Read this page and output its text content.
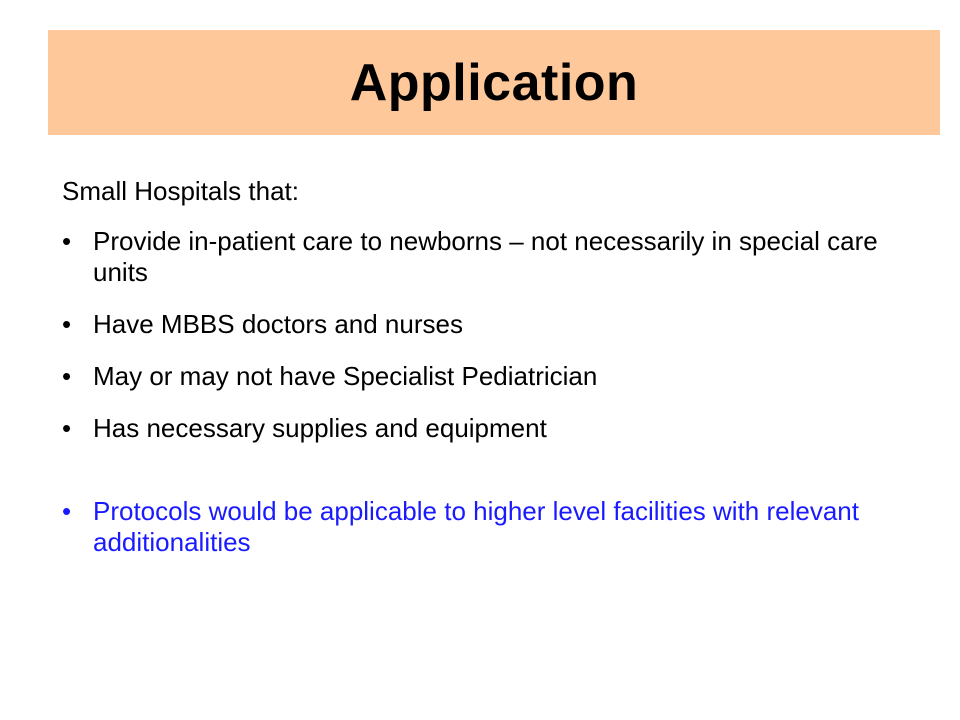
Application

Small Hospitals that:

• Provide in-patient care to newborns – not necessarily in special care units
• Have MBBS doctors and nurses
• May or may not have Specialist Pediatrician
• Has necessary supplies and equipment
• Protocols would be applicable to higher level facilities with relevant additionalities
